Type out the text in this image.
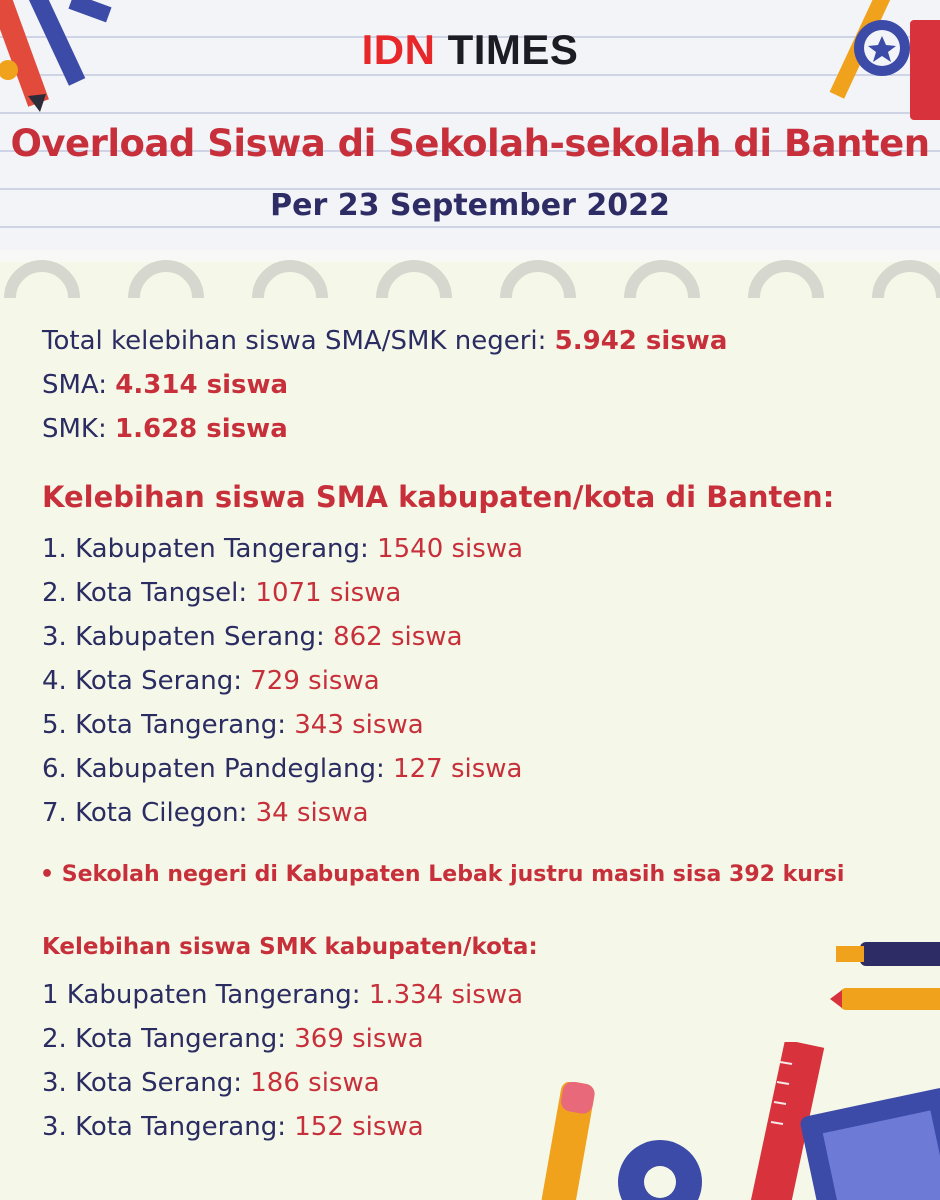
IDN TIMES
Overload Siswa di Sekolah-sekolah di Banten
Per 23 September 2022
Total kelebihan siswa SMA/SMK negeri: 5.942 siswa
SMA: 4.314 siswa
SMK: 1.628 siswa
Kelebihan siswa SMA kabupaten/kota di Banten:
1. Kabupaten Tangerang: 1540 siswa
2. Kota Tangsel: 1071 siswa
3. Kabupaten Serang: 862 siswa
4. Kota Serang: 729 siswa
5. Kota Tangerang: 343 siswa
6. Kabupaten Pandeglang: 127 siswa
7. Kota Cilegon: 34 siswa
• Sekolah negeri di Kabupaten Lebak justru masih sisa 392 kursi
Kelebihan siswa SMK kabupaten/kota:
1 Kabupaten Tangerang: 1.334 siswa
2. Kota Tangerang: 369 siswa
3. Kota Serang: 186 siswa
3. Kota Tangerang: 152 siswa
